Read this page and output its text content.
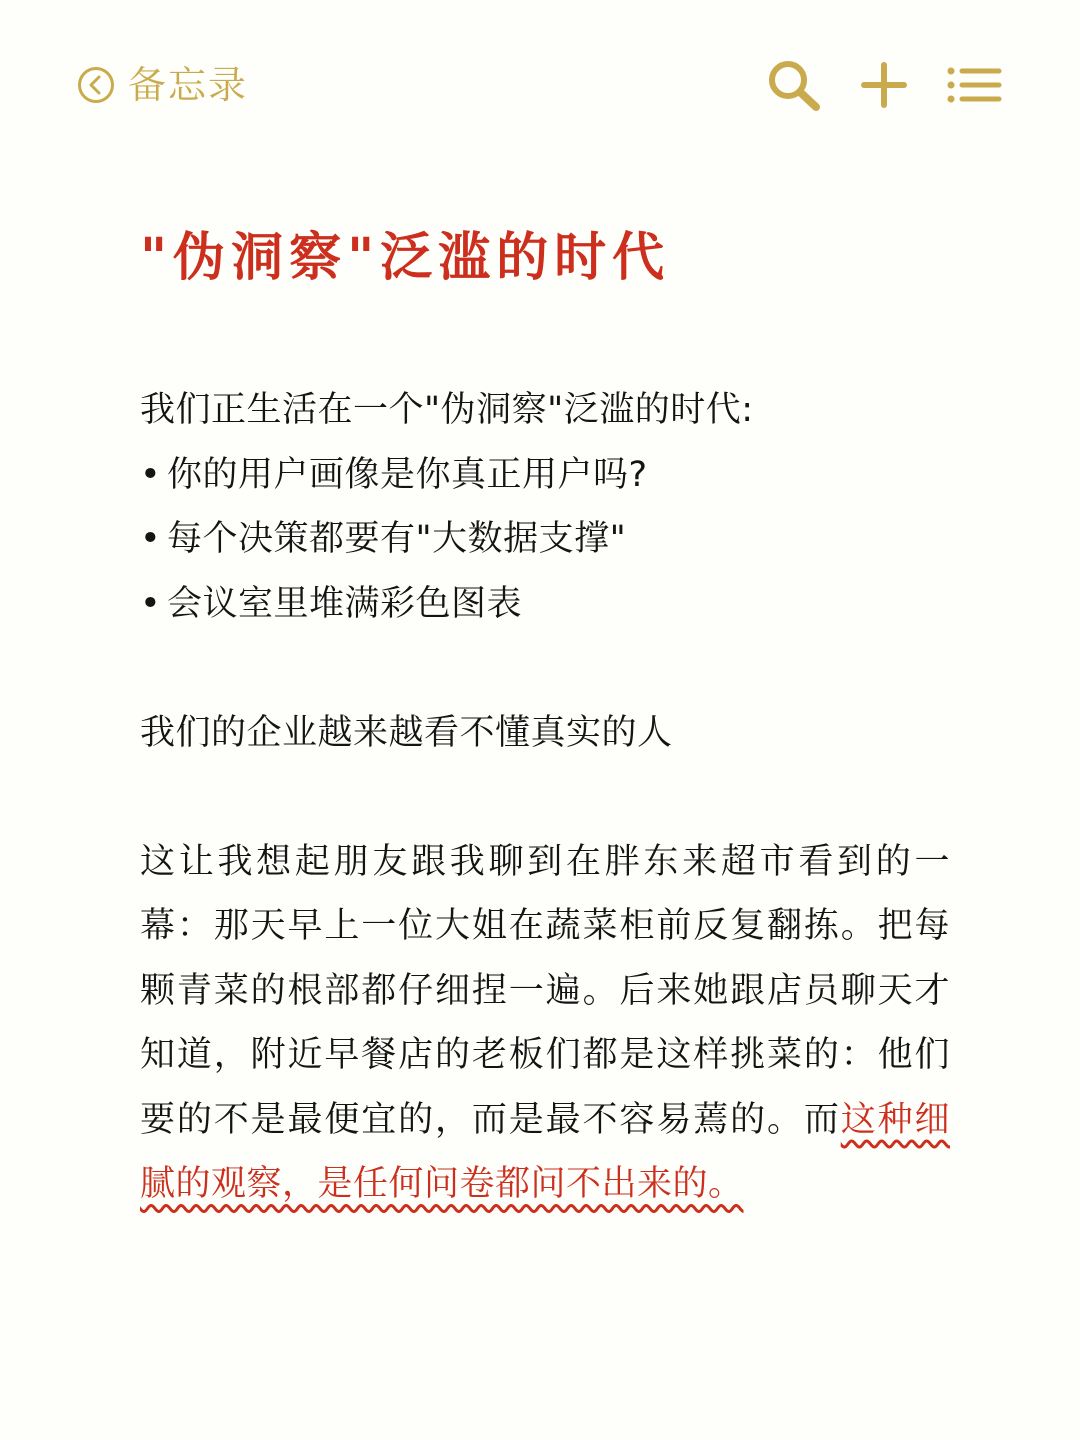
备忘录
"伪洞察"泛滥的时代

我们正生活在一个"伪洞察"泛滥的时代:

• 你的用户画像是你真正用户吗?
• 每个决策都要有"大数据支撑"
• 会议室里堆满彩色图表

我们的企业越来越看不懂真实的人

这让我想起朋友跟我聊到在胖东来超市看到的一幕：那天早上一位大姐在蔬菜柜前反复翻拣。把每颗青菜的根部都仔细捏一遍。后来她跟店员聊天才知道，附近早餐店的老板们都是这样挑菜的：他们要的不是最便宜的，而是最不容易蔫的。而这种细腻的观察，是任何问卷都问不出来的。
